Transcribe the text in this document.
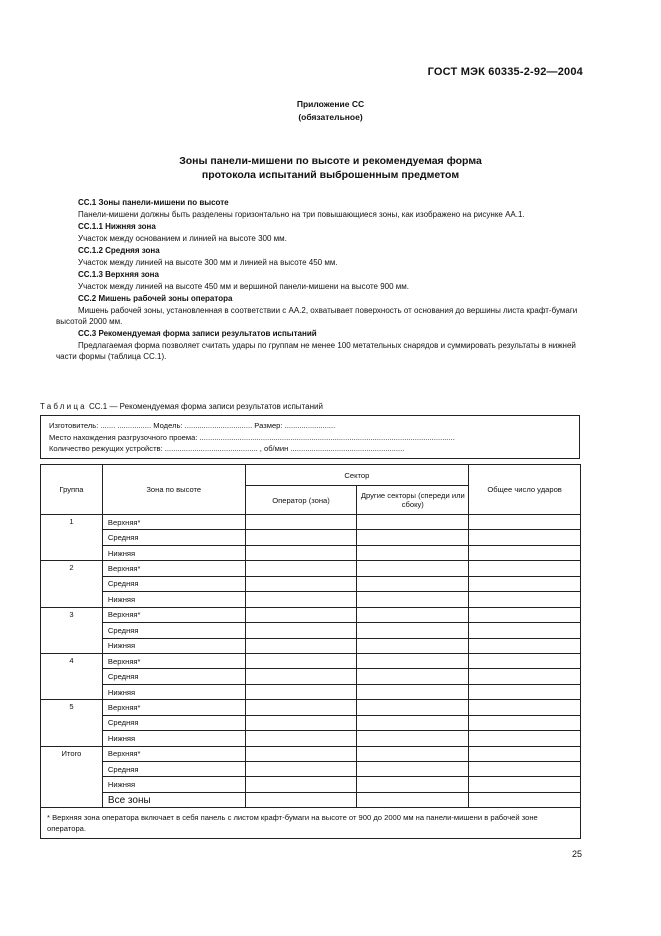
ГОСТ МЭК 60335-2-92—2004
Приложение СС
(обязательное)
Зоны панели-мишени по высоте и рекомендуемая форма
протокола испытаний выброшенным предметом

СС.1 Зоны панели-мишени по высоте

Панели-мишени должны быть разделены горизонтально на три повышающиеся зоны, как изображено на рисунке АА.1.

СС.1.1 Нижняя зона

Участок между основанием и линией на высоте 300 мм.

СС.1.2 Средняя зона

Участок между линией на высоте 300 мм и линией на высоте 450 мм.

СС.1.3 Верхняя зона

Участок между линией на высоте 450 мм и вершиной панели-мишени на высоте 900 мм.

СС.2 Мишень рабочей зоны оператора

Мишень рабочей зоны, установленная в соответствии с АА.2, охватывает поверхность от основания до вершины листа крафт-бумаги высотой 2000 мм.

СС.3 Рекомендуемая форма записи результатов испытаний

Предлагаемая форма позволяет считать удары по группам не менее 100 метательных снарядов и суммировать результаты в нижней части формы (таблица СС.1).

Таблица СС.1 — Рекомендуемая форма записи результатов испытаний
Изготовитель: ....... ................ Модель: ................................ Размер: ........................
Место нахождения разгрузочного проема: .........................................................................................................................
Количество режущих устройств: ............................................ , об/мин ......................................................
Группа	Зона по высоте	Сектор		Общее число ударов
		Оператор (зона)	Другие секторы (спереди или сбоку)	
1	Верхняя*			
	Средняя			
	Нижняя			
2	Верхняя*			
	Средняя			
	Нижняя			
3	Верхняя*			
	Средняя			
	Нижняя			
4	Верхняя*			
	Средняя			
	Нижняя			
5	Верхняя*			
	Средняя			
	Нижняя			
Итого	Верхняя*			
	Средняя			
	Нижняя			
	Все зоны			
* Верхняя зона оператора включает в себя панель с листом крафт-бумаги на высоте от 900 до 2000 мм на панели-мишени в рабочей зоне оператора.				
25
